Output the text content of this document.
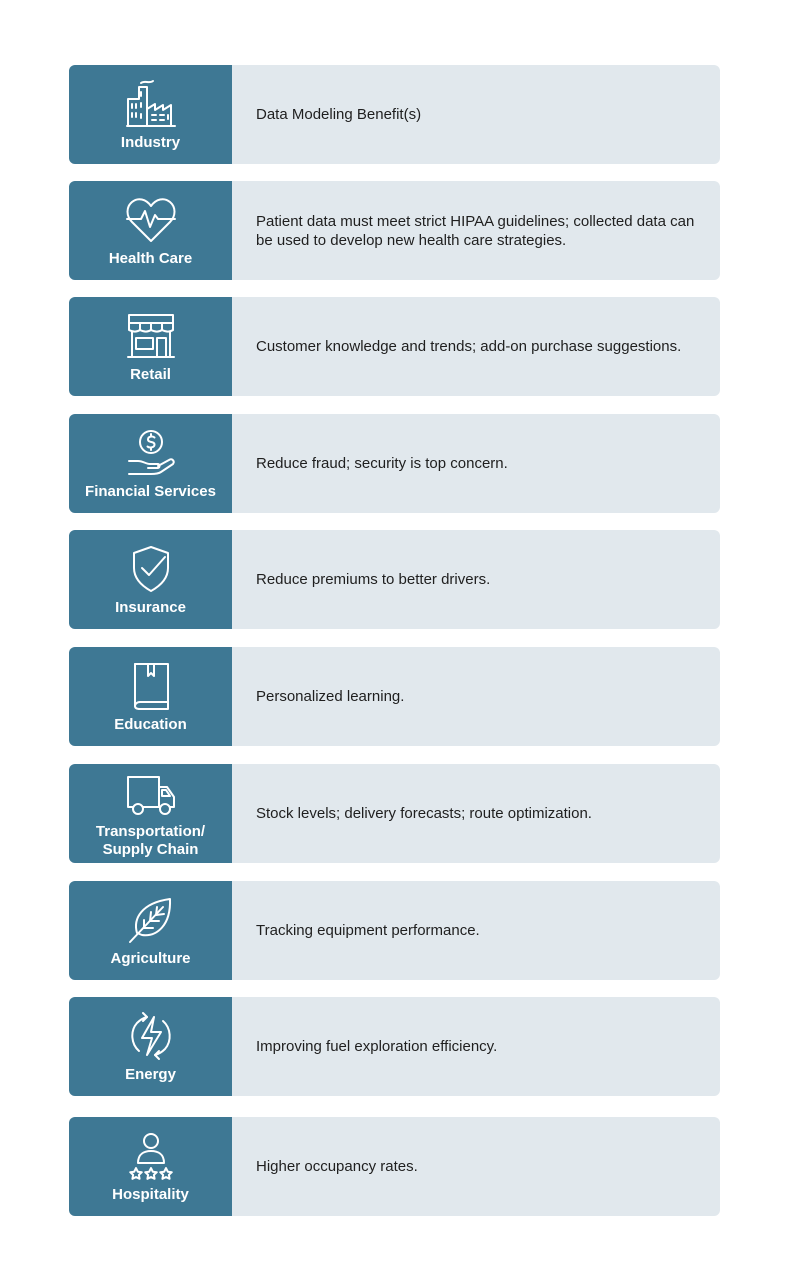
Industry
Data Modeling Benefit(s)
Health Care
Patient data must meet strict HIPAA guidelines; collected data can be used to develop new health care strategies.
Retail
Customer knowledge and trends; add-on purchase suggestions.
Financial Services
Reduce fraud; security is top concern.
Insurance
Reduce premiums to better drivers.
Education
Personalized learning.
Transportation/
Supply Chain
Stock levels; delivery forecasts; route optimization.
Agriculture
Tracking equipment performance.
Energy
Improving fuel exploration efficiency.
Hospitality
Higher occupancy rates.
